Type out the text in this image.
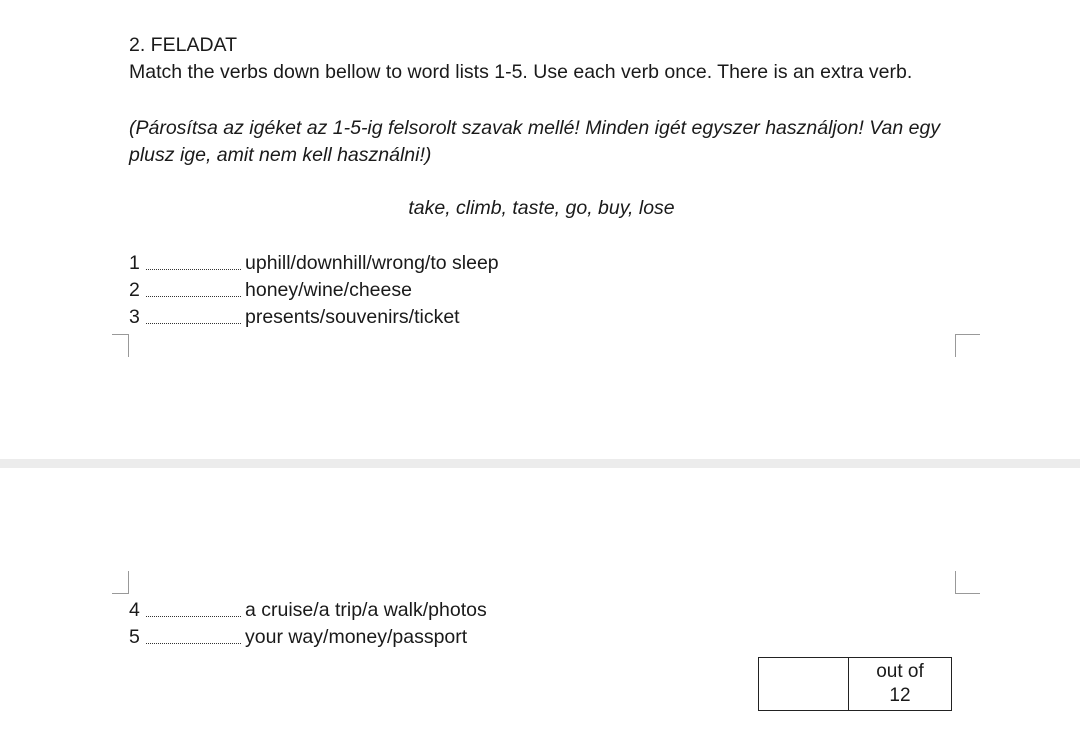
2. FELADAT
Match the verbs down bellow to word lists 1-5. Use each verb once. There is an extra verb.
(Párosítsa az igéket az 1-5-ig felsorolt szavak mellé! Minden igét egyszer használjon! Van egy plusz ige, amit nem kell használni!)
take, climb, taste, go, buy, lose
1	uphill/downhill/wrong/to sleep
2	honey/wine/cheese
3	presents/souvenirs/ticket
4	a cruise/a trip/a walk/photos
5	your way/money/passport
out of
12
